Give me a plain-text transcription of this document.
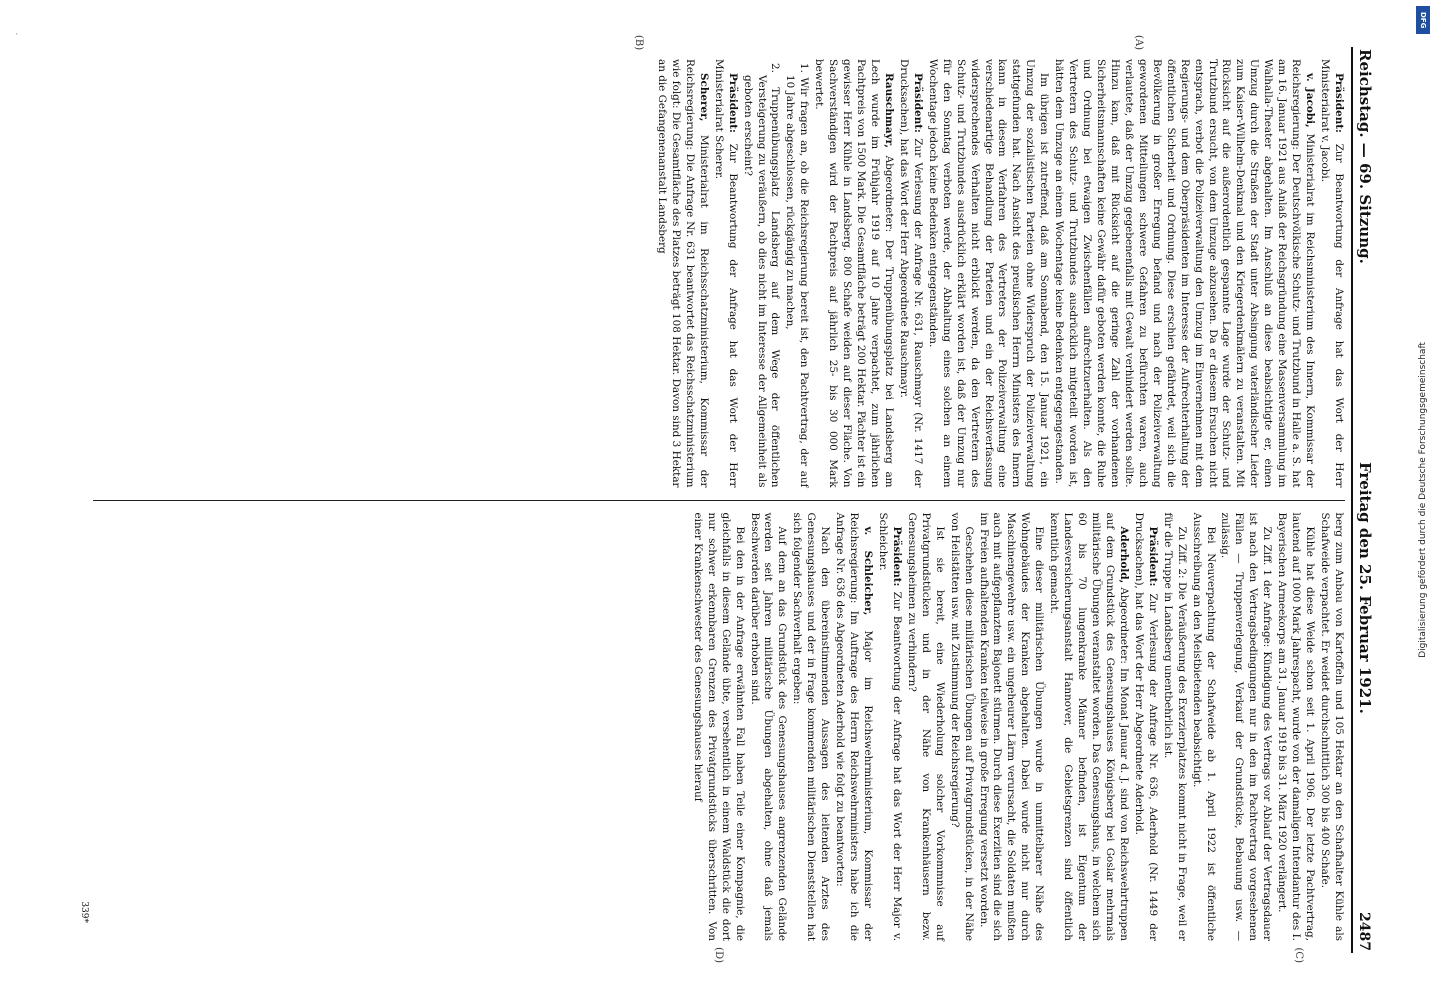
Reichstag. — 69. Sitzung.
Freitag den 25. Februar 1921.
2487
(A)
(B)

Präsident: Zur Beantwortung der Anfrage hat das Wort der Herr Ministerialrat v. Jacobi.

v. Jacobi, Ministerialrat im Reichsministerium des Innern, Kommissar der Reichsregierung: Der Deutschvölkische Schutz- und Trutzbund in Halle a. S. hat am 16. Januar 1921 aus Anlaß der Reichsgründung eine Massenversammlung im Walhalla-Theater abgehalten. Im Anschluß an diese beabsichtigte er, einen Umzug durch die Straßen der Stadt unter Absingung vaterländischer Lieder zum Kaiser-Wilhelm-Denkmal und den Kriegerdenkmälern zu veranstalten. Mit Rücksicht auf die außerordentlich gespannte Lage wurde der Schutz- und Trutzbund ersucht, von dem Umzuge abzusehen. Da er diesem Ersuchen nicht entsprach, verbot die Polizeiverwaltung den Umzug im Einvernehmen mit dem Regierungs- und dem Oberpräsidenten im Interesse der Aufrechterhaltung der öffentlichen Sicherheit und Ordnung. Diese erschien gefährdet, weil sich die Bevölkerung in großer Erregung befand und nach der Polizeiverwaltung gewordenen Mitteilungen schwere Gefahren zu befürchten waren, auch verlautete, daß der Umzug gegebenenfalls mit Gewalt verhindert werden sollte. Hinzu kam, daß mit Rücksicht auf die geringe Zahl der vorhandenen Sicherheitsmannschaften keine Gewähr dafür geboten werden konnte, die Ruhe und Ordnung bei etwaigen Zwischenfällen aufrechtzuerhalten. Als den Vertretern des Schutz- und Trutzbundes ausdrücklich mitgeteilt worden ist, hätten dem Umzuge an einem Wochentage keine Bedenken entgegengestanden.

Im übrigen ist zutreffend, daß am Sonnabend, den 15. Januar 1921, ein Umzug der sozialistischen Parteien ohne Widerspruch der Polizeiverwaltung stattgefunden hat. Nach Ansicht des preußischen Herrn Ministers des Innern kann in diesem Verfahren des Vertreters der Polizeiverwaltung eine verschiedenartige Behandlung der Parteien und ein der Reichsverfassung widersprechendes Verhalten nicht erblickt werden, da den Vertretern des Schutz- und Trutzbundes ausdrücklich erklärt worden ist, daß der Umzug nur für den Sonntag verboten werde, der Abhaltung eines solchen an einem Wochentage jedoch keine Bedenken entgegenständen.

Präsident: Zur Verlesung der Anfrage Nr. 631, Rauschmayr (Nr. 1417 der Drucksachen), hat das Wort der Herr Abgeordnete Rauschmayr.

Rauschmayr, Abgeordneter: Der Truppenübungsplatz bei Landsberg am Lech wurde im Frühjahr 1919 auf 10 Jahre verpachtet, zum jährlichen Pachtpreis von 1500 Mark. Die Gesamtfläche beträgt 200 Hektar. Pächter ist ein gewisser Herr Kühle in Landsberg. 800 Schafe weiden auf dieser Fläche. Von Sachverständigen wird der Pachtpreis auf jährlich 25- bis 30 000 Mark bewertet.

1. Wir fragen an, ob die Reichsregierung bereit ist, den Pachtvertrag, der auf 10 Jahre abgeschlossen, rückgängig zu machen,

2. Truppenübungsplatz Landsberg auf dem Wege der öffentlichen Versteigerung zu veräußern, ob dies nicht im Interesse der Allgemeinheit als geboten erscheint?

Präsident: Zur Beantwortung der Anfrage hat das Wort der Herr Ministerialrat Scherer.

Scherer, Ministerialrat im Reichsschatzministerium, Kommissar der Reichsregierung: Die Anfrage Nr. 631 beantwortet das Reichsschatzministerium wie folgt: Die Gesamtfläche des Platzes beträgt 108 Hektar. Davon sind 3 Hektar an die Gefangenenanstalt Landsberg

(C)
(D)

berg zum Anbau von Kartoffeln und 105 Hektar an den Schafhalter Kühle als Schafweide verpachtet. Er weidet durchschnittlich 300 bis 400 Schafe.

Kühle hat diese Weide schon seit 1. April 1906. Der letzte Pachtvertrag, lautend auf 1000 Mark Jahrespacht, wurde von der damaligen Intendantur des I. Bayerischen Armeekorps am 31. Januar 1919 bis 31. März 1920 verlängert.

Zu Ziff. 1 der Anfrage: Kündigung des Vertrags vor Ablauf der Vertragsdauer ist nach den Vertragsbedingungen nur in den im Pachtvertrag vorgesehenen Fällen — Truppenverlegung, Verkauf der Grundstücke, Bebauung usw. — zulässig.

Bei Neuverpachtung der Schafweide ab 1. April 1922 ist öffentliche Ausschreibung an den Meistbietenden beabsichtigt.

Zu Ziff. 2: Die Veräußerung des Exerzierplatzes kommt nicht in Frage, weil er für die Truppe in Landsberg unentbehrlich ist.

Präsident: Zur Verlesung der Anfrage Nr. 636, Aderhold (Nr. 1449 der Drucksachen), hat das Wort der Herr Abgeordnete Aderhold.

Aderhold, Abgeordneter: Im Monat Januar d. J. sind von Reichswehrtruppen auf dem Grundstück des Genesungshauses Königsberg bei Goslar mehrmals militärische Übungen veranstaltet worden. Das Genesungshaus, in welchem sich 60 bis 70 lungenkranke Männer befinden, ist Eigentum der Landesversicherungsanstalt Hannover, die Gebietsgrenzen sind öffentlich kenntlich gemacht.

Eine dieser militärischen Übungen wurde in unmittelbarer Nähe des Wohngebäudes der Kranken abgehalten. Dabei wurde nicht nur durch Maschinengewehre usw. ein ungeheurer Lärm verursacht, die Soldaten mußten auch mit aufgepflanztem Bajonett stürmen. Durch diese Exerzitien sind die sich im Freien aufhaltenden Kranken teilweise in große Erregung versetzt worden.

Geschehen diese militärischen Übungen auf Privatgrundstücken, in der Nähe von Heilstätten usw. mit Zustimmung der Reichsregierung?

Ist sie bereit, eine Wiederholung solcher Vorkommnisse auf Privatgrundstücken und in der Nähe von Krankenhäusern bezw. Genesungsheimen zu verhindern?

Präsident: Zur Beantwortung der Anfrage hat das Wort der Herr Major v. Schleicher.

v. Schleicher, Major im Reichswehrministerium, Kommissar der Reichsregierung: Im Auftrage des Herrn Reichswehrministers habe ich die Anfrage Nr. 636 des Abgeordneten Aderhold wie folgt zu beantworten:

Nach den übereinstimmenden Aussagen des leitenden Arztes des Genesungshauses und der in Frage kommenden militärischen Dienststellen hat sich folgender Sachverhalt ergeben:

Auf dem an das Grundstück des Genesungshauses angrenzenden Gelände werden seit Jahren militärische Übungen abgehalten, ohne daß jemals Beschwerden darüber erhoben sind.

Bei den in der Anfrage erwähnten Fall haben Teile einer Kompagnie, die gleichfalls in diesem Gelände übte, versehentlich in einem Waldstück die dort nur schwer erkennbaren Grenzen des Privatgrundstücks überschritten. Von einer Krankenschwester des Genesungshauses hierauf

339*
·
DFG
Digitalisierung gefördert durch die Deutsche Forschungsgemeinschaft
